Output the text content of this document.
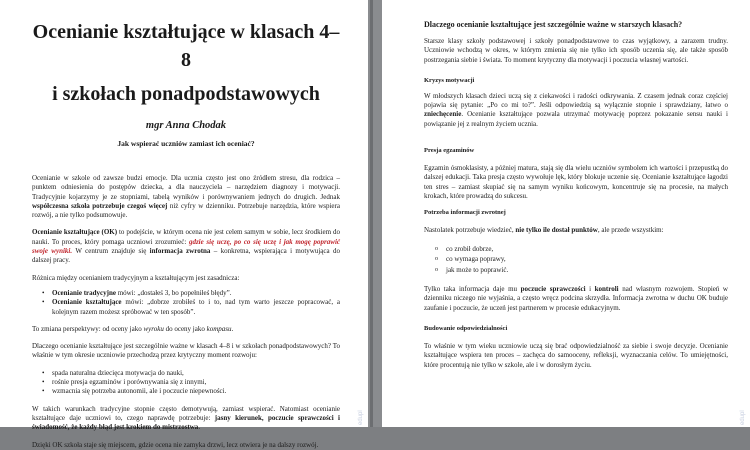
Ocenianie kształtujące w klasach 4–8
i szkołach ponadpodstawowych
mgr Anna Chodak
Jak wspierać uczniów zamiast ich oceniać?

Ocenianie w szkole od zawsze budzi emocje. Dla ucznia często jest ono źródłem stresu, dla rodzica – punktem odniesienia do postępów dziecka, a dla nauczyciela – narzędziem diagnozy i motywacji. Tradycyjnie kojarzymy je ze stopniami, tabelą wyników i porównywaniem jednych do drugich. Jednak współczesna szkoła potrzebuje czegoś więcej niż cyfry w dzienniku. Potrzebuje narzędzia, które wspiera rozwój, a nie tylko podsumowuje.

Ocenianie kształtujące (OK) to podejście, w którym ocena nie jest celem samym w sobie, lecz środkiem do nauki. To proces, który pomaga uczniowi zrozumieć: gdzie się uczę, po co się uczę i jak mogę poprawić swoje wyniki. W centrum znajduje się informacja zwrotna – konkretna, wspierająca i motywująca do dalszej pracy.

Różnica między ocenianiem tradycyjnym a kształtującym jest zasadnicza:

• Ocenianie tradycyjne mówi: „dostałeś 3, bo popełniłeś błędy”.
• Ocenianie kształtujące mówi: „dobrze zrobiłeś to i to, nad tym warto jeszcze popracować, a kolejnym razem możesz spróbować w ten sposób”.

To zmiana perspektywy: od oceny jako wyroku do oceny jako kompasu.

Dlaczego ocenianie kształtujące jest szczególnie ważne w klasach 4–8 i w szkołach ponadpodstawowych? To właśnie w tym okresie uczniowie przechodzą przez krytyczny moment rozwoju:

• spada naturalna dziecięca motywacja do nauki,
• rośnie presja egzaminów i porównywania się z innymi,
• wzmacnia się potrzeba autonomii, ale i poczucie niepewności.

W takich warunkach tradycyjne stopnie często demotywują, zamiast wspierać. Natomiast ocenianie kształtujące daje uczniowi to, czego naprawdę potrzebuje: jasny kierunek, poczucie sprawczości i świadomość, że każdy błąd jest krokiem do mistrzostwa.

Dzięki OK szkoła staje się miejscem, gdzie ocena nie zamyka drzwi, lecz otwiera je na dalszy rozwój.

edupl
Dlaczego ocenianie kształtujące jest szczególnie ważne w starszych klasach?

Starsze klasy szkoły podstawowej i szkoły ponadpodstawowe to czas wyjątkowy, a zarazem trudny. Uczniowie wchodzą w okres, w którym zmienia się nie tylko ich sposób uczenia się, ale także sposób postrzegania siebie i świata. To moment krytyczny dla motywacji i poczucia własnej wartości.

Kryzys motywacji

W młodszych klasach dzieci uczą się z ciekawości i radości odkrywania. Z czasem jednak coraz częściej pojawia się pytanie: „Po co mi to?”. Jeśli odpowiedzią są wyłącznie stopnie i sprawdziany, łatwo o zniechęcenie. Ocenianie kształtujące pozwala utrzymać motywację poprzez pokazanie sensu nauki i powiązanie jej z realnym życiem ucznia.

Presja egzaminów

Egzamin ósmoklasisty, a później matura, stają się dla wielu uczniów symbolem ich wartości i przepustką do dalszej edukacji. Taka presja często wywołuje lęk, który blokuje uczenie się. Ocenianie kształtujące łagodzi ten stres – zamiast skupiać się na samym wyniku końcowym, koncentruje się na procesie, na małych krokach, które prowadzą do sukcesu.

Potrzeba informacji zwrotnej

Nastolatek potrzebuje wiedzieć, nie tylko ile dostał punktów, ale przede wszystkim:

o co zrobił dobrze,
o co wymaga poprawy,
o jak może to poprawić.

Tylko taka informacja daje mu poczucie sprawczości i kontroli nad własnym rozwojem. Stopień w dzienniku niczego nie wyjaśnia, a często wręcz podcina skrzydła. Informacja zwrotna w duchu OK buduje zaufanie i poczucie, że uczeń jest partnerem w procesie edukacyjnym.

Budowanie odpowiedzialności

To właśnie w tym wieku uczniowie uczą się brać odpowiedzialność za siebie i swoje decyzje. Ocenianie kształtujące wspiera ten proces – zachęca do samooceny, refleksji, wyznaczania celów. To umiejętności, które procentują nie tylko w szkole, ale i w dorosłym życiu.

edupl
